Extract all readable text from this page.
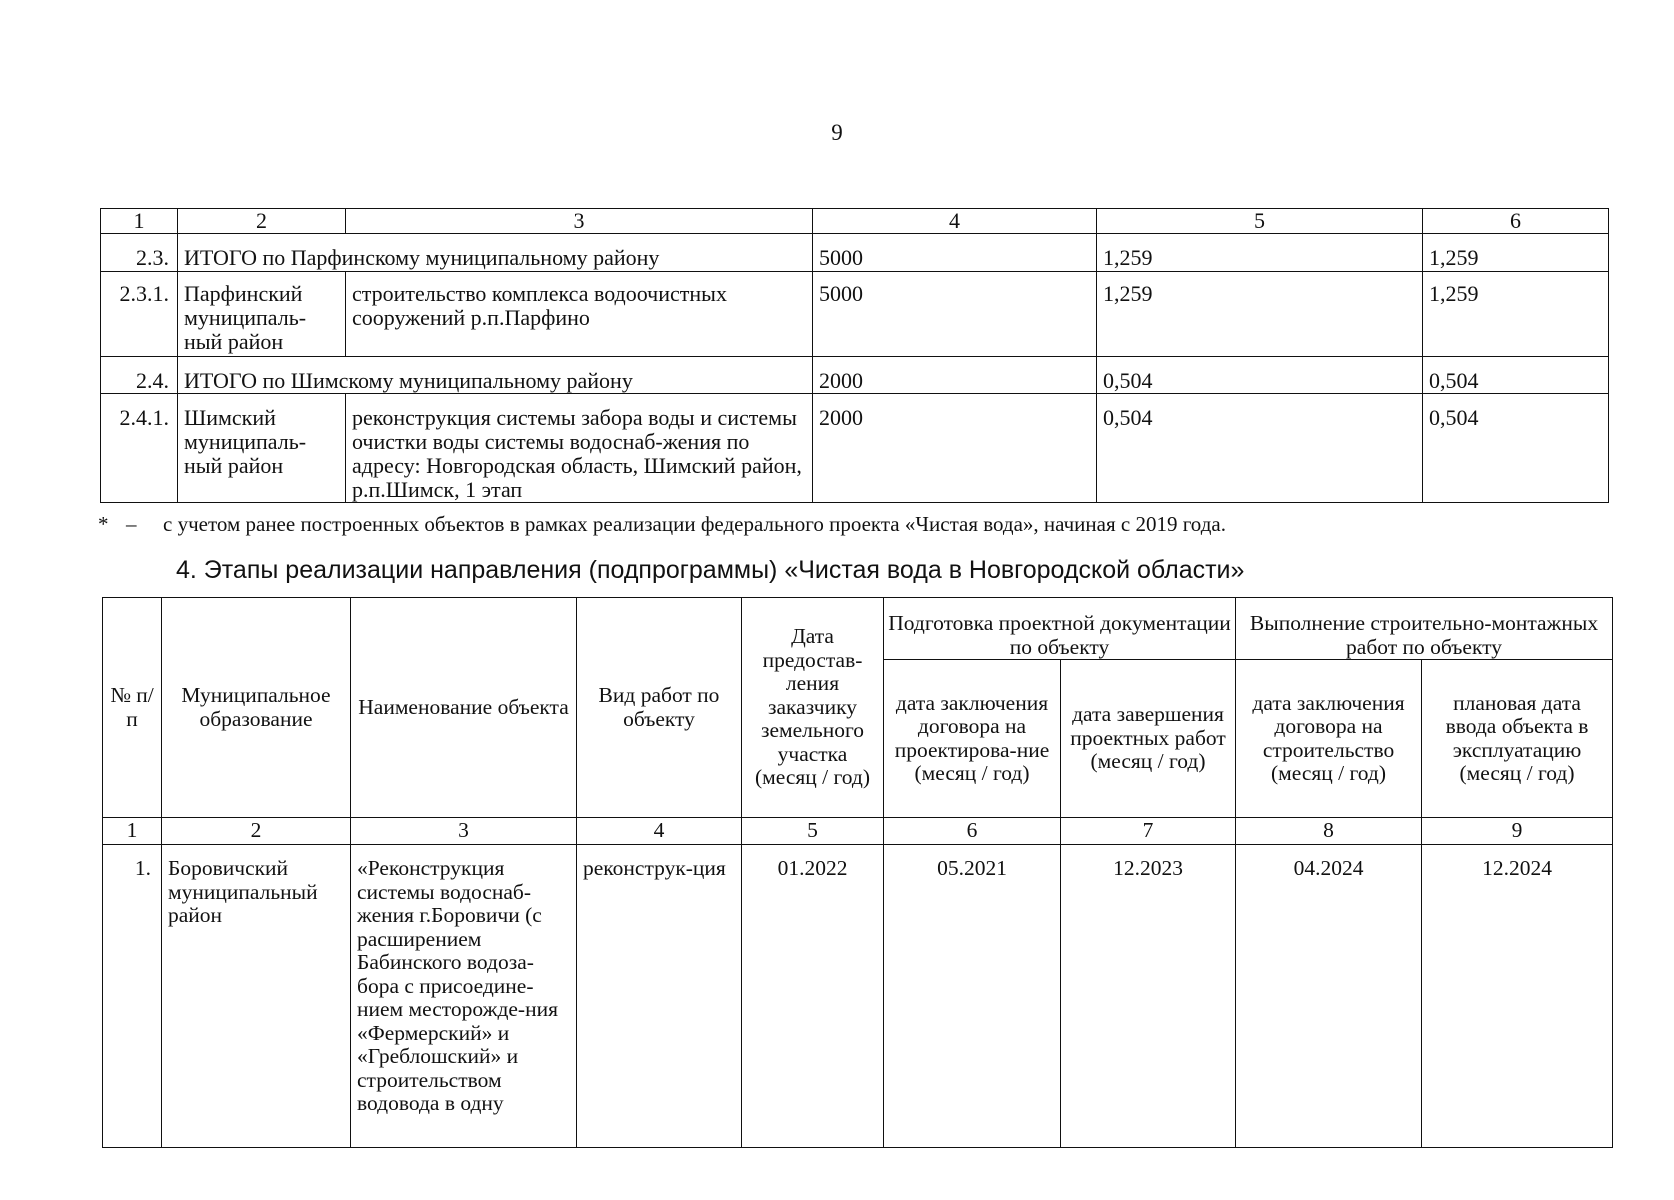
9
1	2	3	4	5	6
2.3.	ИТОГО по Парфинскому муниципальному району		5000	1,259	1,259
2.3.1.	Парфинский муниципаль-ный район	строительство комплекса водоочистных сооружений р.п.Парфино	5000	1,259	1,259
2.4.	ИТОГО по Шимскому муниципальному району		2000	0,504	0,504
2.4.1.	Шимский муниципаль-ный район	реконструкция системы забора воды и системы очистки воды системы водоснаб-жения по адресу: Новгородская область, Шимский район, р.п.Шимск, 1 этап	2000	0,504	0,504
* – с учетом ранее построенных объектов в рамках реализации федерального проекта «Чистая вода», начиная с 2019 года.
4. Этапы реализации направления (подпрограммы) «Чистая вода в Новгородской области»
№ п/п	Муниципальное образование	Наименование объекта	Вид работ по объекту	Дата предостав-ления заказчику земельного участка (месяц / год)	Подготовка проектной документации по объекту		Выполнение строительно-монтажных работ по объекту	
					дата заключения договора на проектирова-ние (месяц / год)	дата завершения проектных работ (месяц / год)	дата заключения договора на строительство (месяц / год)	плановая дата ввода объекта в эксплуатацию (месяц / год)
1	2	3	4	5	6	7	8	9
1.	Боровичский муниципальный район	«Реконструкция системы водоснаб-жения г.Боровичи (с расширением Бабинского водоза-бора с присоедине-нием месторожде-ния «Фермерский» и «Греблошский» и строительством водовода в одну	реконструк-ция	01.2022	05.2021	12.2023	04.2024	12.2024
